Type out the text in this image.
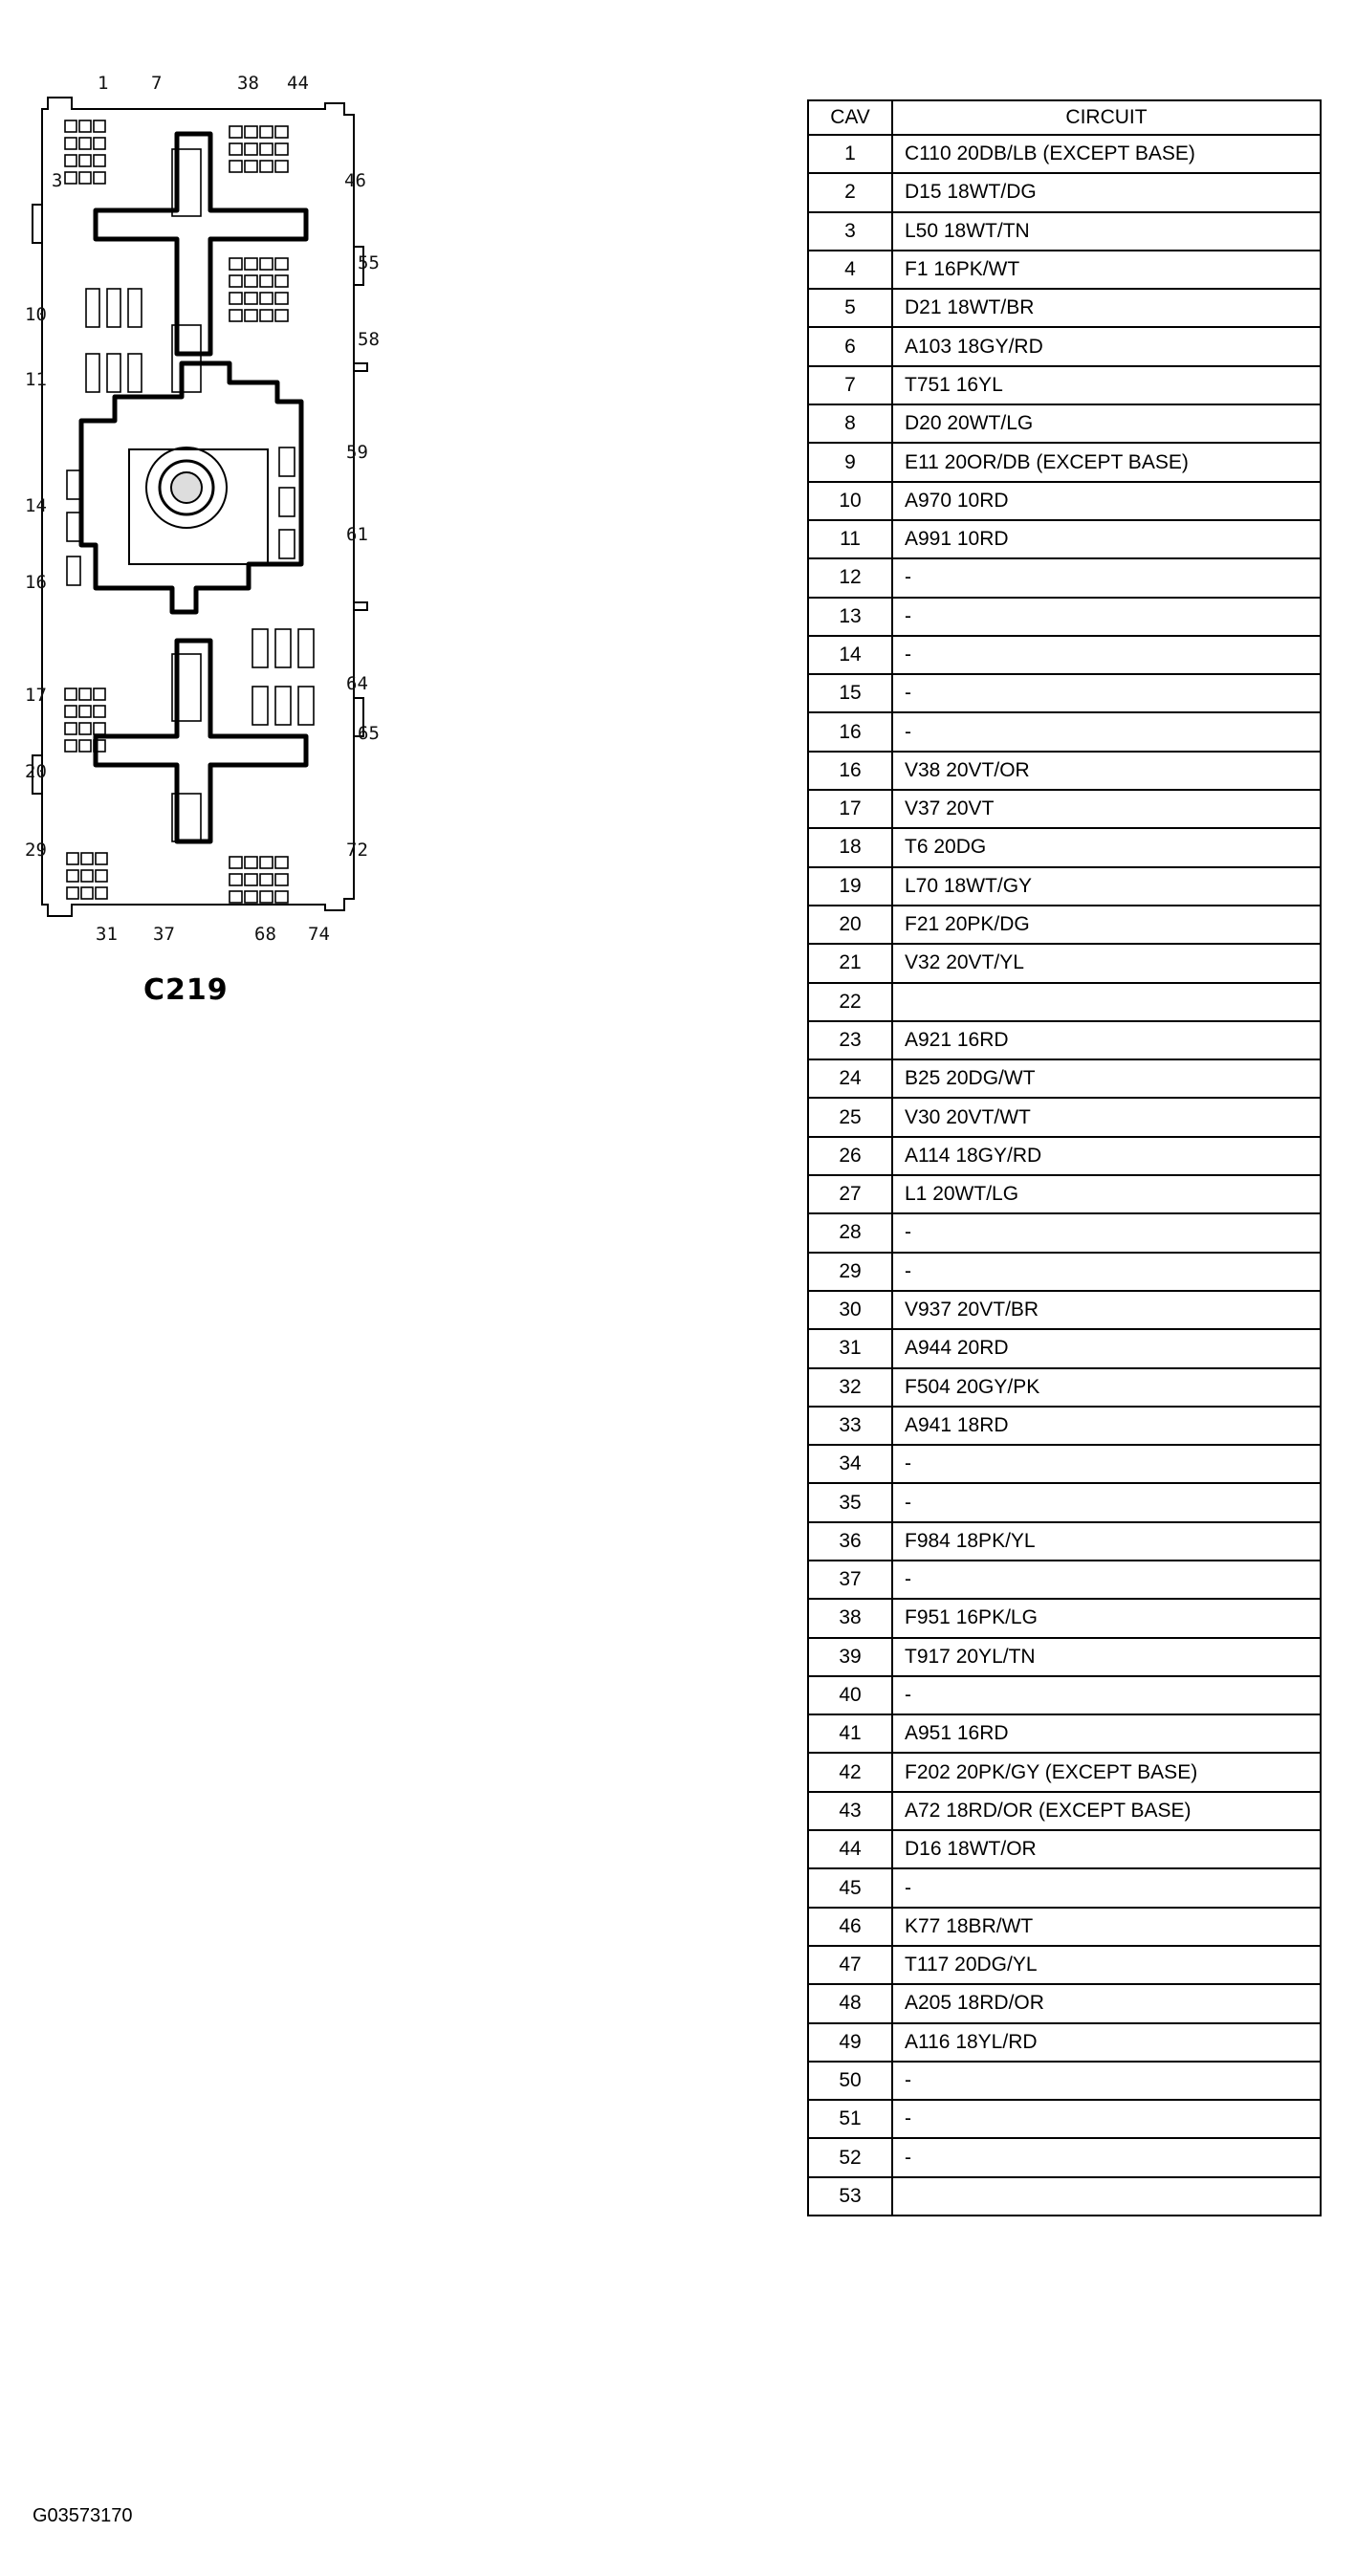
1 7	38 44
3	46
55
58
10
11
59
14
61
16
17
64
65
20
29	72
31 37	68 74
C219
CAV	CIRCUIT
1	C110 20DB/LB (EXCEPT BASE)
2	D15 18WT/DG
3	L50 18WT/TN
4	F1 16PK/WT
5	D21 18WT/BR
6	A103 18GY/RD
7	T751 16YL
8	D20 20WT/LG
9	E11 20OR/DB (EXCEPT BASE)
10	A970 10RD
11	A991 10RD
12	-
13	-
14	-
15	-
16	-
16	V38 20VT/OR
17	V37 20VT
18	T6 20DG
19	L70 18WT/GY
20	F21 20PK/DG
21	V32 20VT/YL
22	
23	A921 16RD
24	B25 20DG/WT
25	V30 20VT/WT
26	A114 18GY/RD
27	L1 20WT/LG
28	-
29	-
30	V937 20VT/BR
31	A944 20RD
32	F504 20GY/PK
33	A941 18RD
34	-
35	-
36	F984 18PK/YL
37	-
38	F951 16PK/LG
39	T917 20YL/TN
40	-
41	A951 16RD
42	F202 20PK/GY (EXCEPT BASE)
43	A72 18RD/OR (EXCEPT BASE)
44	D16 18WT/OR
45	-
46	K77 18BR/WT
47	T117 20DG/YL
48	A205 18RD/OR
49	A116 18YL/RD
50	-
51	-
52	-
53	
G03573170
